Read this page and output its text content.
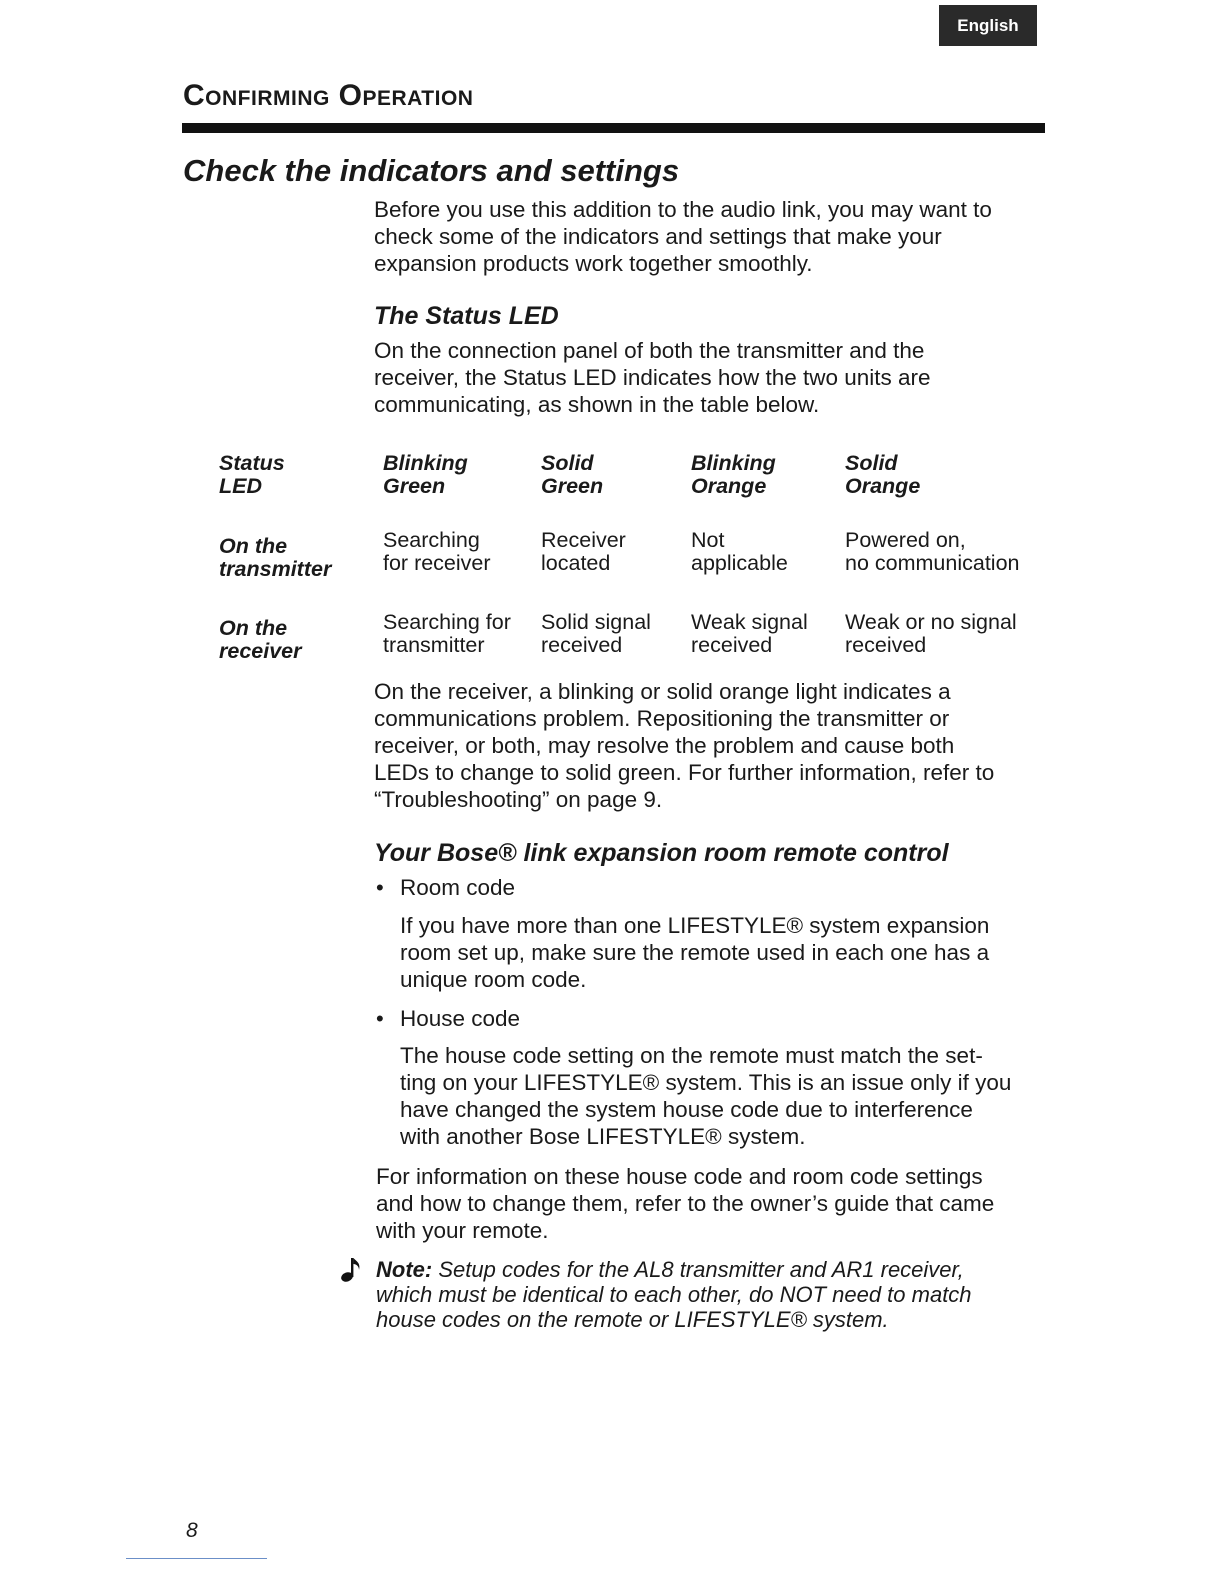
English
Confirming Operation
Check the indicators and settings
Before you use this addition to the audio link, you may want to
check some of the indicators and settings that make your
expansion products work together smoothly.
The Status LED
On the connection panel of both the transmitter and the
receiver, the Status LED indicates how the two units are
communicating, as shown in the table below.
Status
LED
Blinking
Green
Solid
Green
Blinking
Orange
Solid
Orange
On the
transmitter
Searching
for receiver
Receiver
located
Not
applicable
Powered on,
no communication
On the
receiver
Searching for
transmitter
Solid signal
received
Weak signal
received
Weak or no signal
received
On the receiver, a blinking or solid orange light indicates a
communications problem. Repositioning the transmitter or
receiver, or both, may resolve the problem and cause both
LEDs to change to solid green. For further information, refer to
“Troubleshooting” on page 9.
Your Bose® link expansion room remote control
• Room code
If you have more than one LIFESTYLE® system expansion
room set up, make sure the remote used in each one has a
unique room code.
• House code
The house code setting on the remote must match the set-
ting on your LIFESTYLE® system. This is an issue only if you
have changed the system house code due to interference
with another Bose LIFESTYLE® system.
For information on these house code and room code settings
and how to change them, refer to the owner’s guide that came
with your remote.
Note: Setup codes for the AL8 transmitter and AR1 receiver,
which must be identical to each other, do NOT need to match
house codes on the remote or LIFESTYLE® system.
8
